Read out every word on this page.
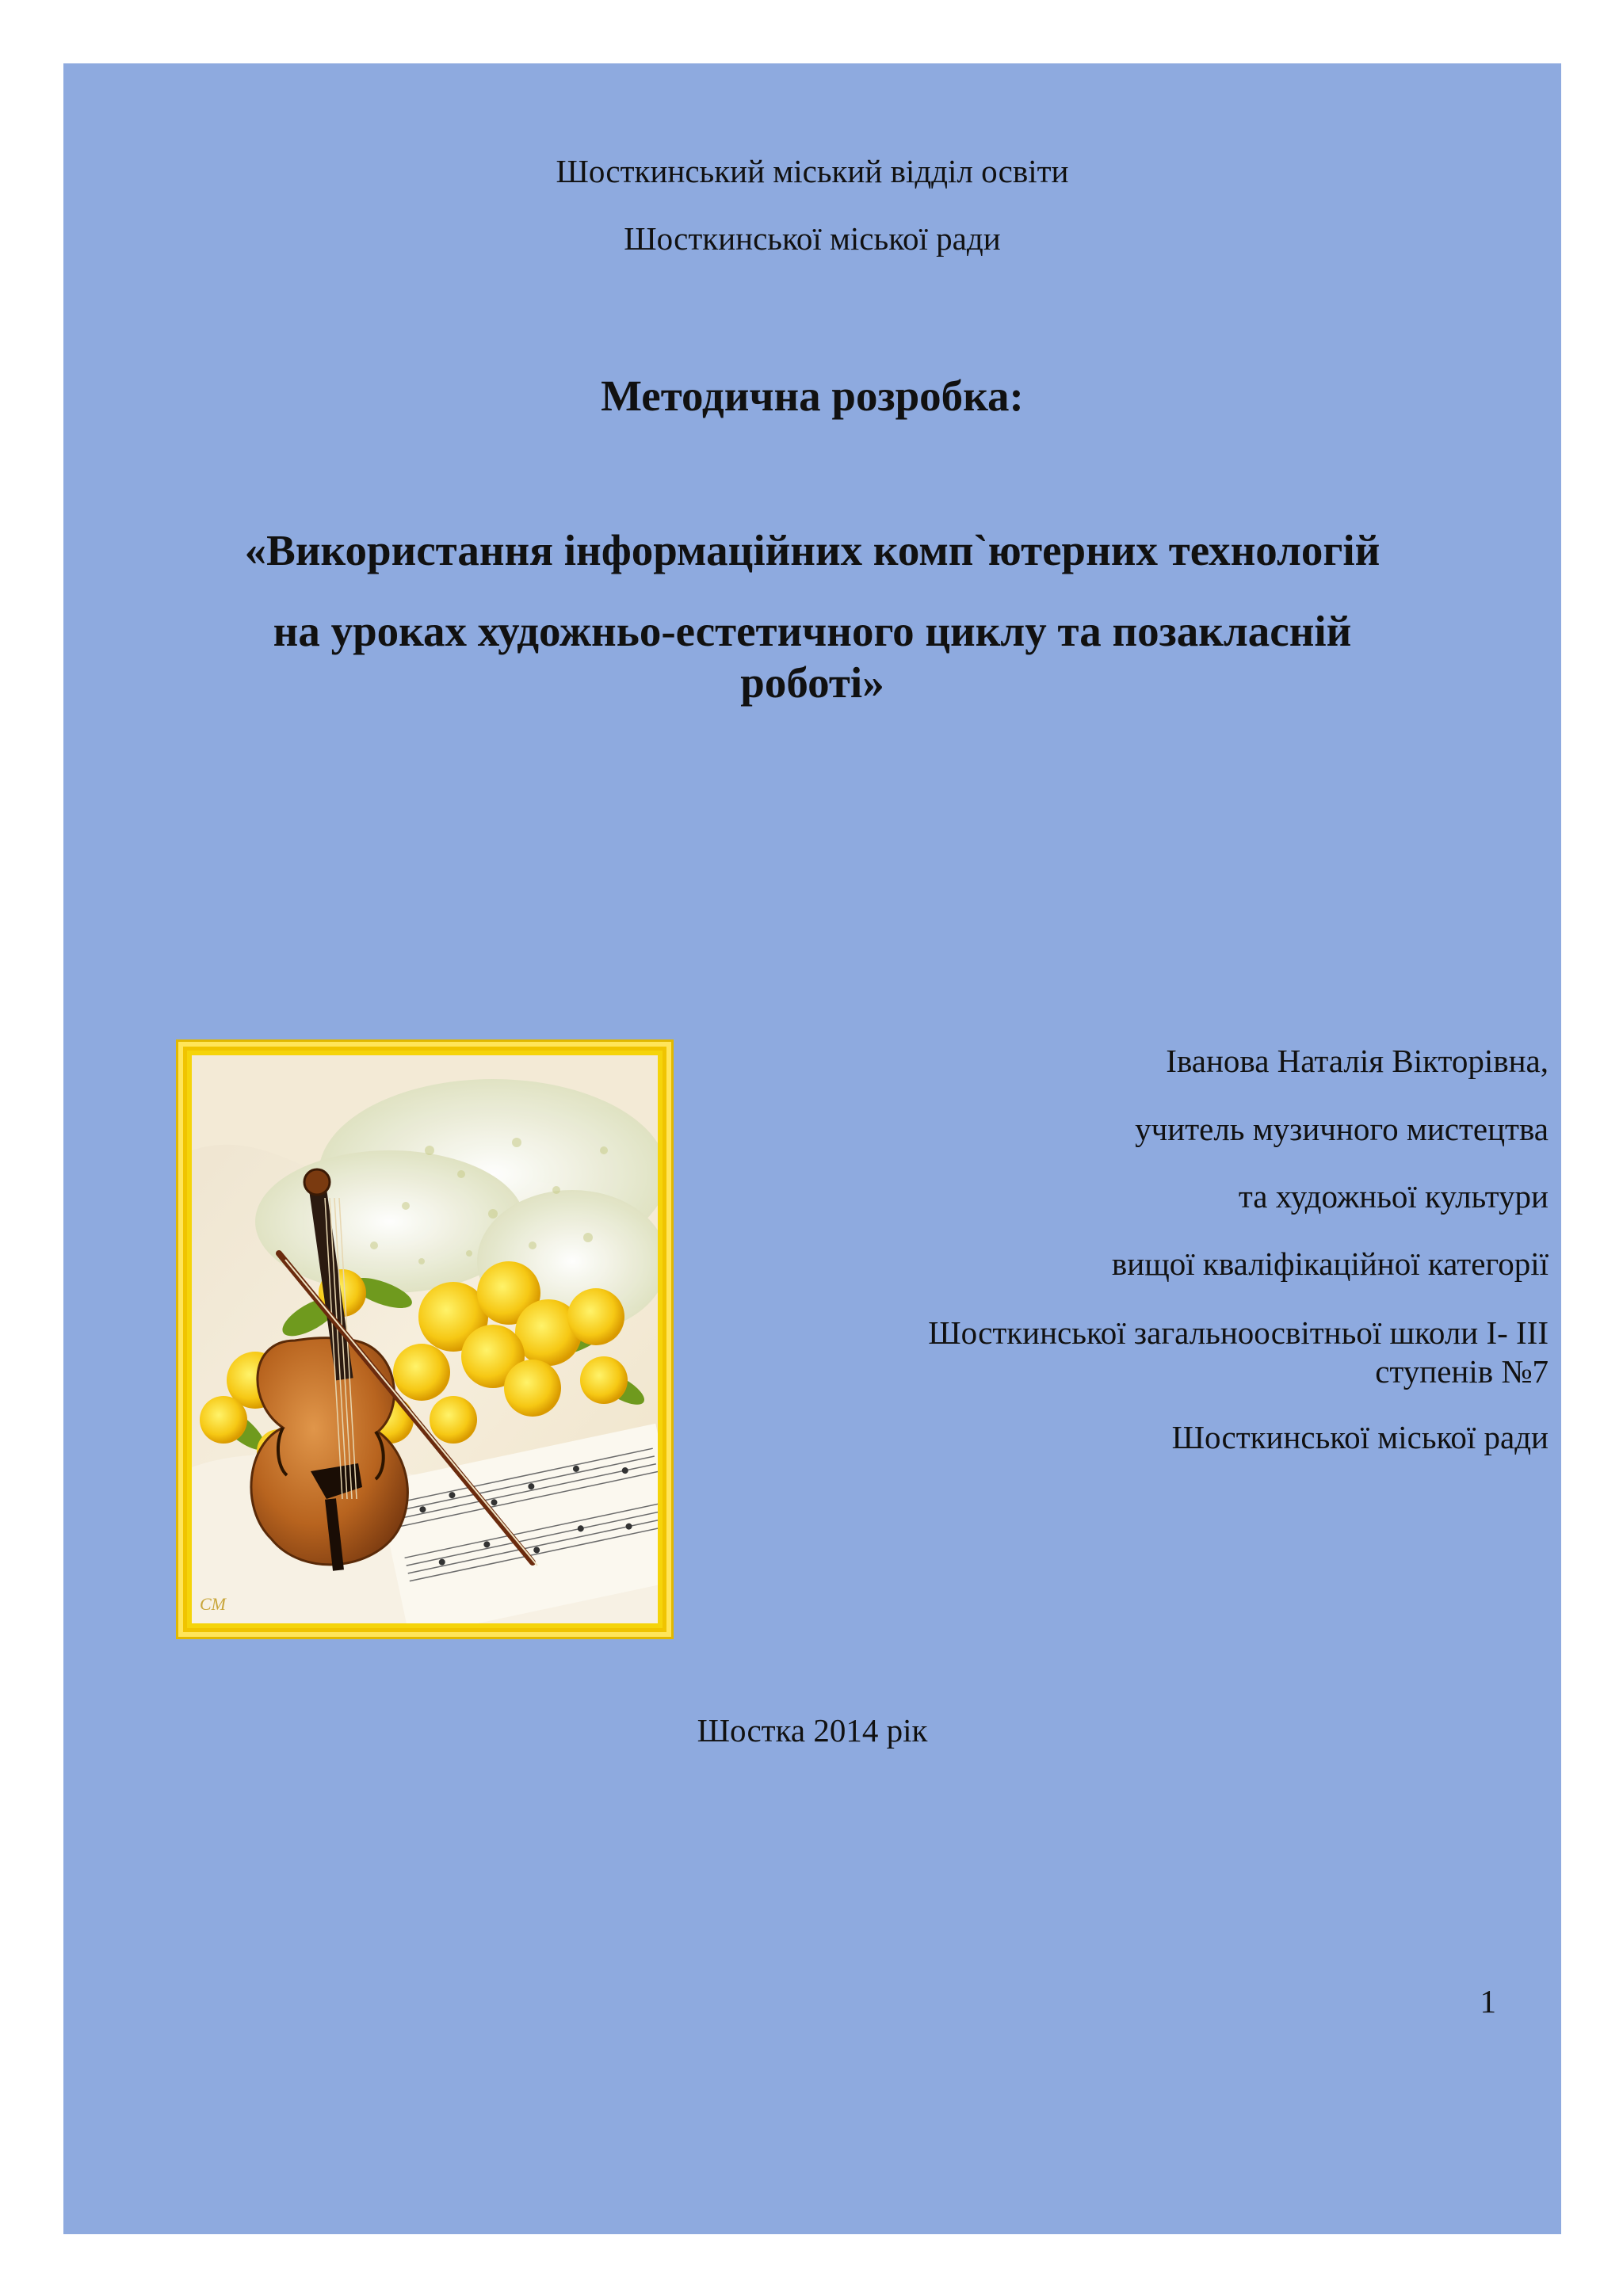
Шосткинський міський відділ освіти
Шосткинської міської ради
Методична розробка:
«Використання інформаційних комп`ютерних технологій
на уроках художньо-естетичного циклу та позакласній
роботі»
CM
Іванова Наталія Вікторівна,
учитель музичного мистецтва
та художньої культури
вищої кваліфікаційної категорії
Шосткинської загальноосвітньої школи І- ІІІ
ступенів №7
Шосткинської міської ради
Шостка 2014 рік
1
